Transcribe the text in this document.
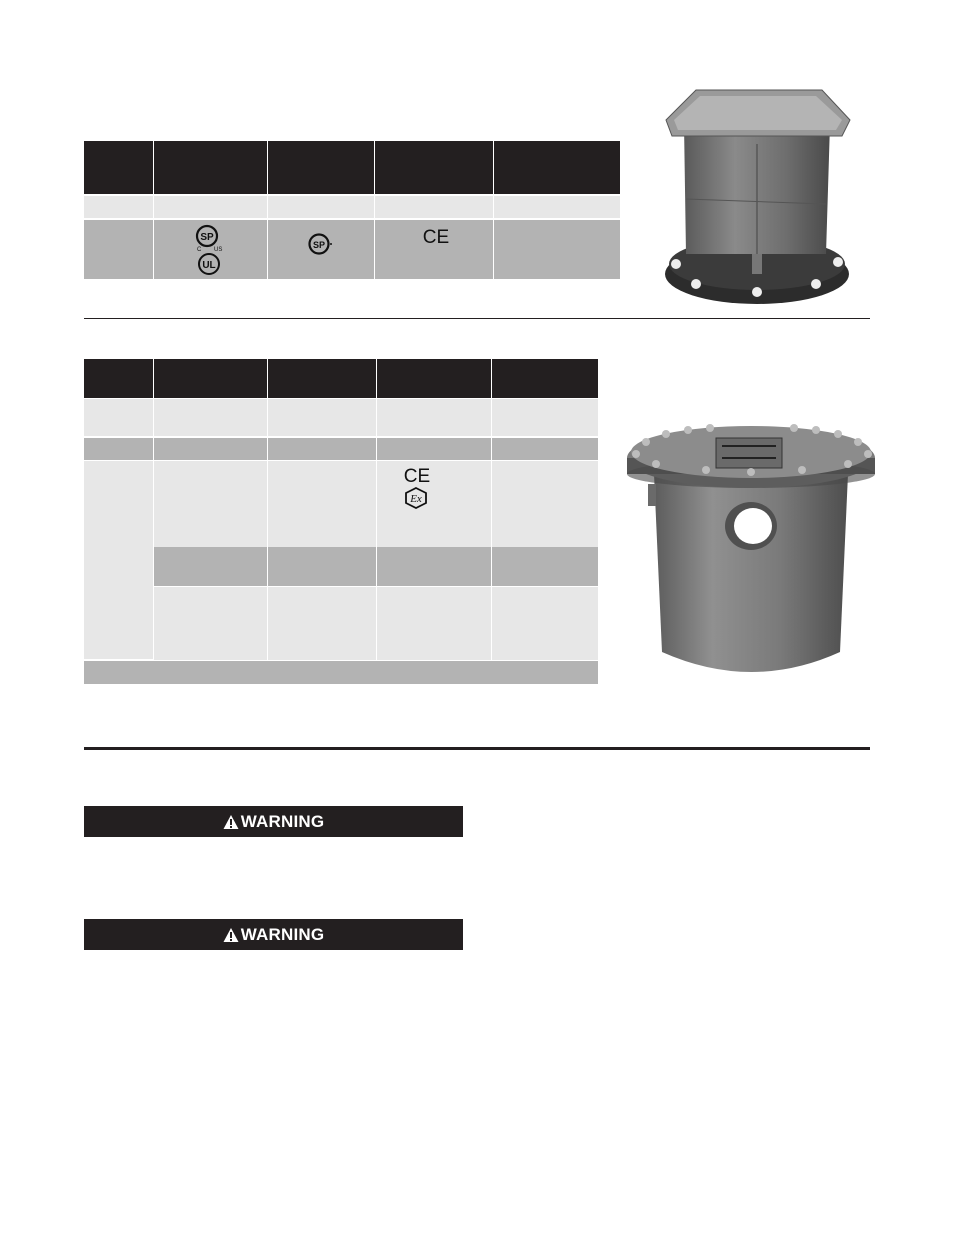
SP
C US
UL
SP	CE
CE
Ex
WARNING
WARNING
